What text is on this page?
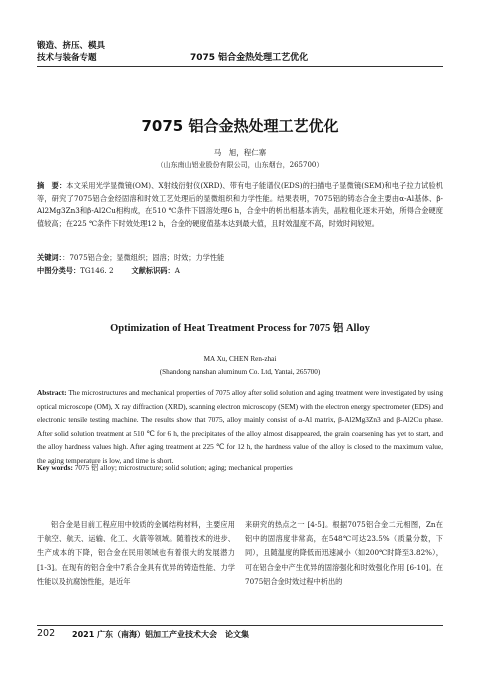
锻造、挤压、模具
技术与装备专题	7075 铝合金热处理工艺优化
7075 铝合金热处理工艺优化
马　旭，程仁寨
（山东南山铝业股份有限公司，山东烟台，265700）
摘　要：本文采用光学显微镜(OM)、X射线衍射仪(XRD)、带有电子能谱仪(EDS)的扫描电子显微镜(SEM)和电子拉力试验机等，研究了7075铝合金经固溶和时效工艺处理后的显微组织和力学性能。结果表明，7075铝的铸态合金主要由α-Al基体、β-Al2Mg3Zn3和β-Al2Cu相构成，在510 ℃条件下固溶处理6 h，合金中的析出相基本消失，晶粒粗化逐未开始，所得合金硬度值较高；在225 ℃条件下时效处理12 h，合金的硬度值基本达到最大值，且时效温度不高，时效时间较短。
关键词：：7075铝合金；显微组织；固溶；时效；力学性能
中图分类号：TG146. 2	文献标识码：A
Optimization of Heat Treatment Process for 7075 铝 Alloy
MA Xu, CHEN Ren-zhai
(Shandong nanshan aluminum Co. Ltd, Yantai, 265700)
Abstract: The microstructures and mechanical properties of 7075 alloy after solid solution and aging treatment were investigated by using optical microscope (OM), X ray diffraction (XRD), scanning electron microscopy (SEM) with the electron energy spectrometer (EDS) and electronic tensile testing machine. The results show that 7075, alloy mainly consist of α-Al matrix, β-Al2Mg3Zn3 and β-Al2Cu phase. After solid solution treatment at 510 ℃ for 6 h, the precipitates of the alloy almost disappeared, the grain coarsening has yet to start, and the alloy hardness values high. After aging treatment at 225 ℃ for 12 h, the hardness value of the alloy is closed to the maximum value, the aging temperature is low, and time is short.
Key words: 7075 铝 alloy; microstructure; solid solution; aging; mechanical properties
铝合金是目前工程应用中较质的金属结构材料，主要应用于航空、航天、运输、化工、火箭等领域。随着技术的进步、生产成本的下降，铝合金在民用领域也有着很大的发展潜力 [1-3]。在现有的铝合金中7系合金具有优异的铸造性能、力学性能以及抗腐蚀性能，是近年
来研究的热点之一 [4-5]。根据7075铝合金二元相图，Zn在铝中的固溶度非常高，在548℃可达23.5%（质量分数，下同），且随温度的降低而迅速减小（如200℃时降至3.82%），可在铝合金中产生优异的固溶强化和时效强化作用 [6-10]。在7075铝合金时效过程中析出的
202 2021 广东（南海）铝加工产业技术大会　论文集
